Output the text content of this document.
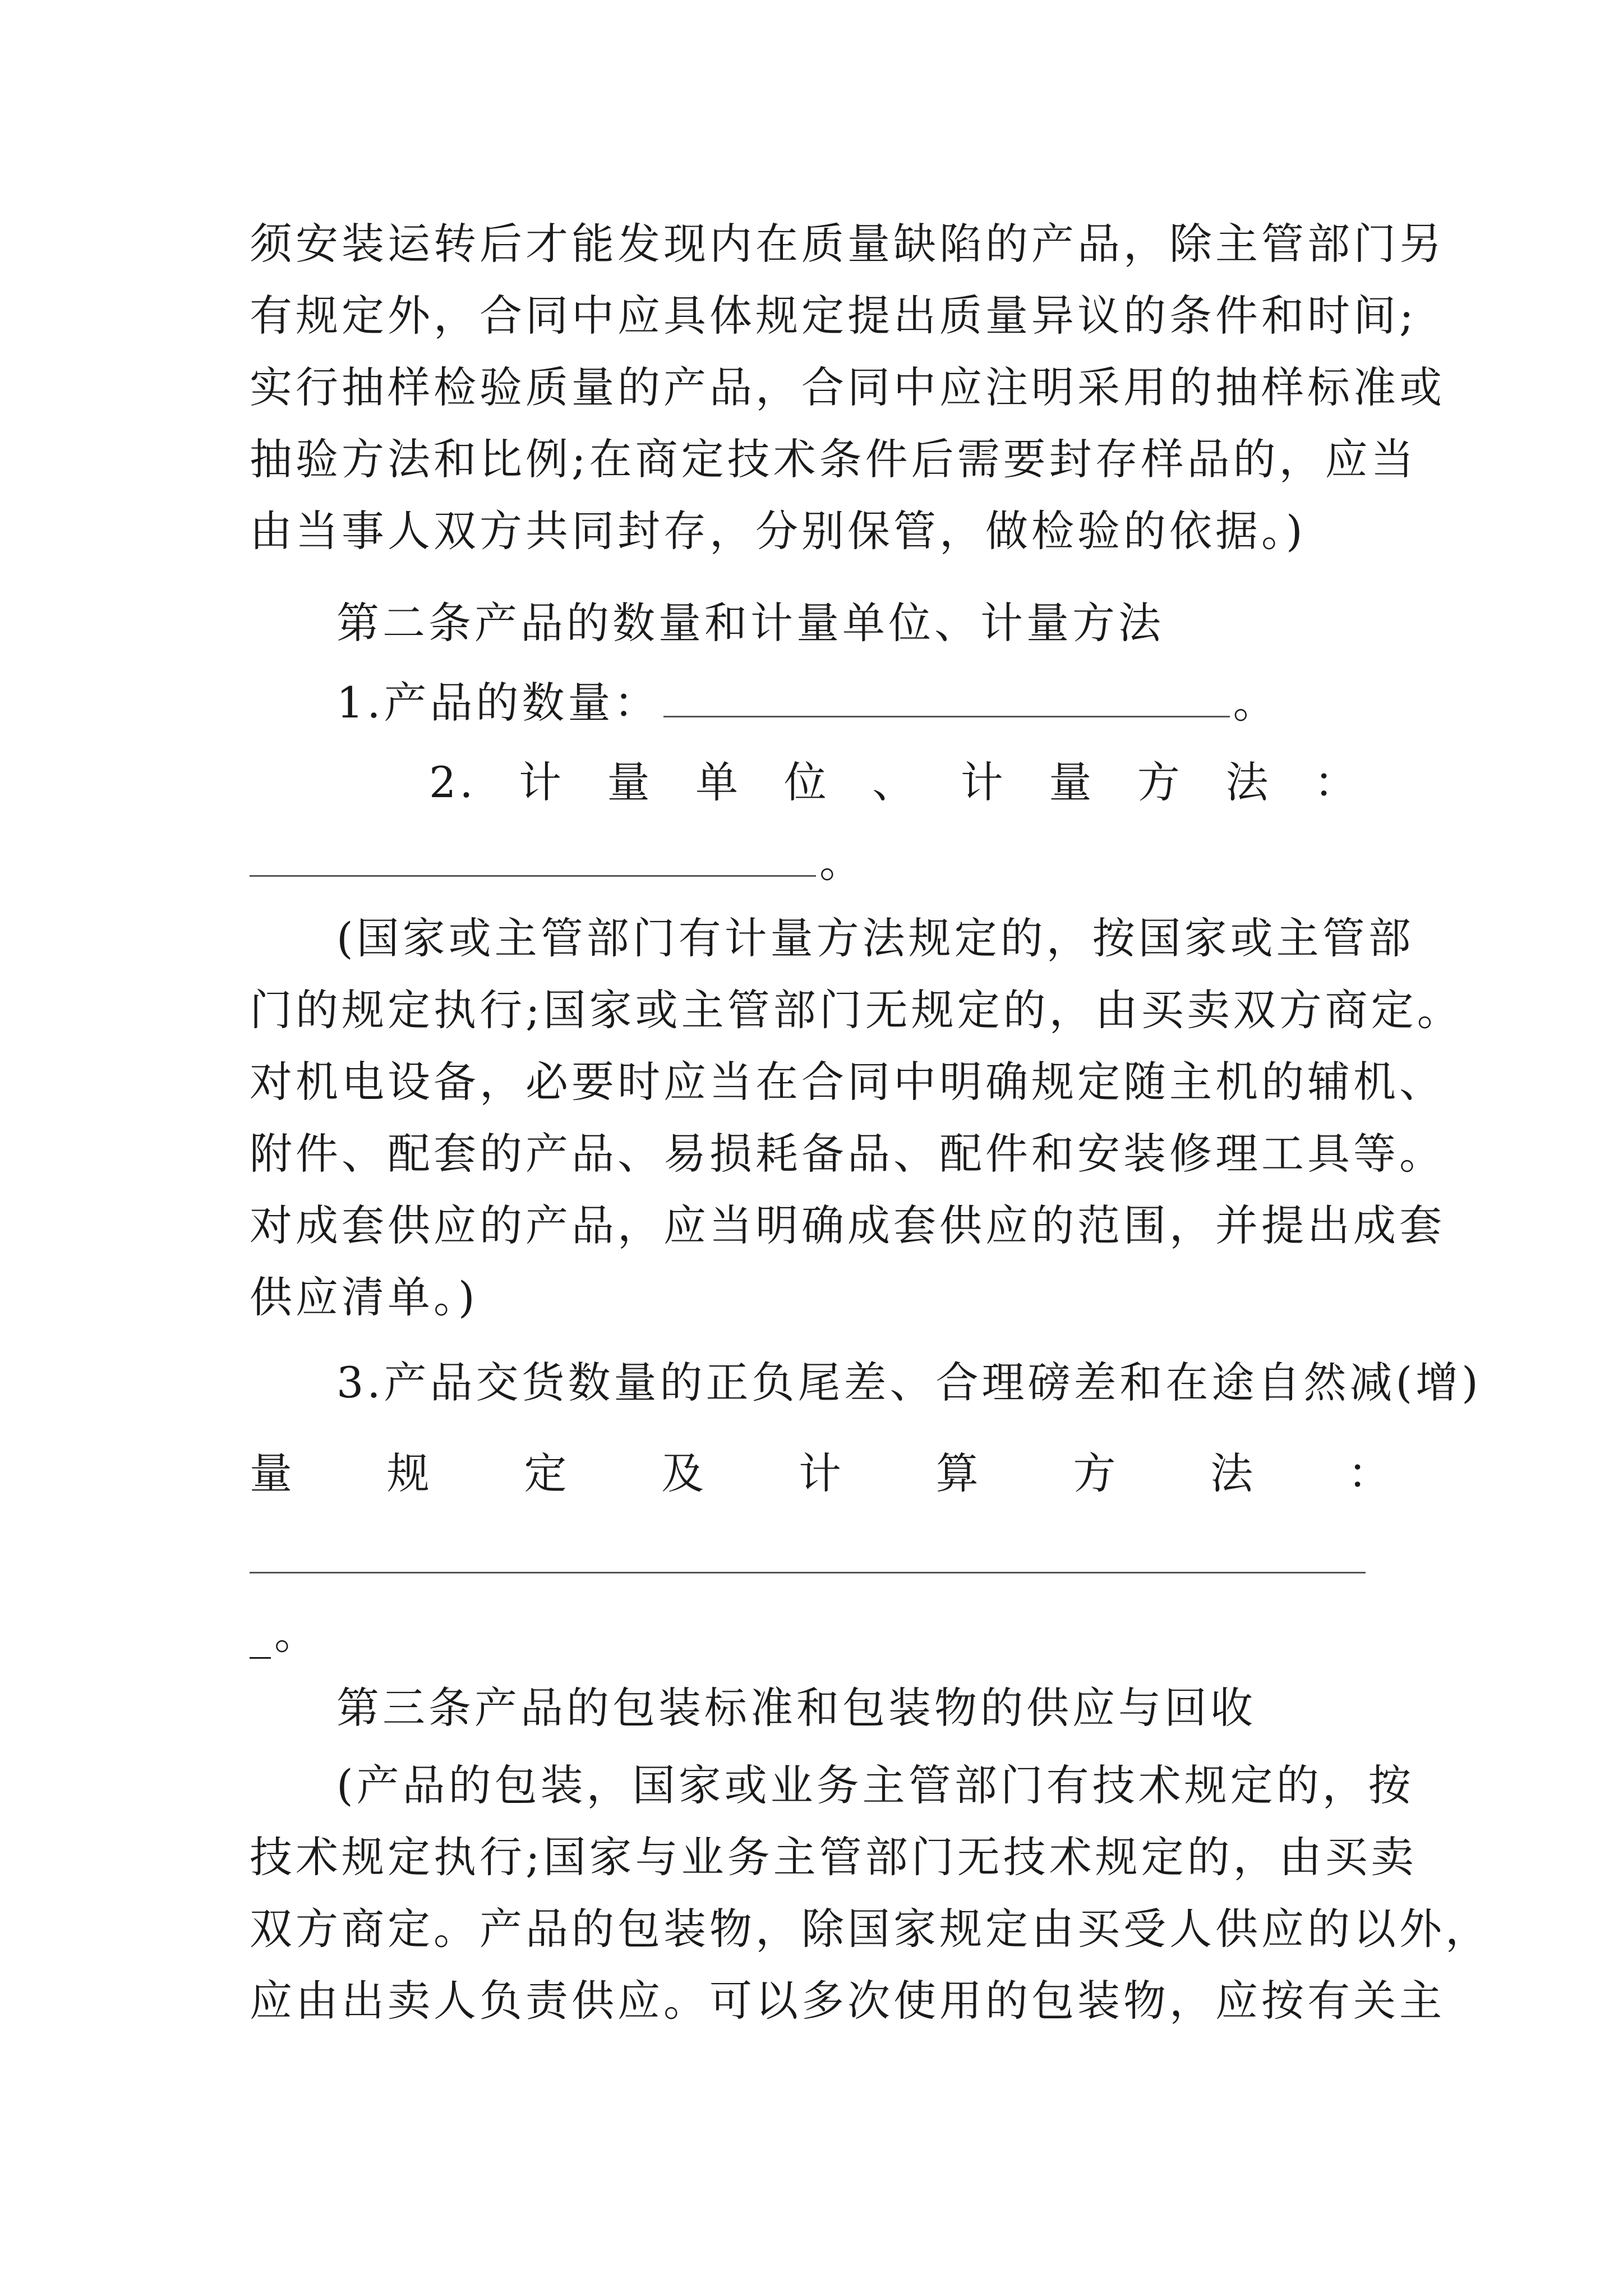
须安装运转后才能发现内在质量缺陷的产品，除主管部门另
有规定外，合同中应具体规定提出质量异议的条件和时间;
实行抽样检验质量的产品，合同中应注明采用的抽样标准或
抽验方法和比例;在商定技术条件后需要封存样品的，应当
由当事人双方共同封存，分别保管，做检验的依据。)
第二条产品的数量和计量单位、计量方法
1.产品的数量：	。
2. 计 量 单 位 、 计 量 方 法 ：
。
(国家或主管部门有计量方法规定的，按国家或主管部
门的规定执行;国家或主管部门无规定的，由买卖双方商定。
对机电设备，必要时应当在合同中明确规定随主机的辅机、
附件、配套的产品、易损耗备品、配件和安装修理工具等。
对成套供应的产品，应当明确成套供应的范围，并提出成套
供应清单。)
3.产品交货数量的正负尾差、合理磅差和在途自然减(增)
量 规 定 及 计 算 方 法 ：
_。
第三条产品的包装标准和包装物的供应与回收
(产品的包装，国家或业务主管部门有技术规定的，按
技术规定执行;国家与业务主管部门无技术规定的，由买卖
双方商定。产品的包装物，除国家规定由买受人供应的以外，
应由出卖人负责供应。可以多次使用的包装物，应按有关主
